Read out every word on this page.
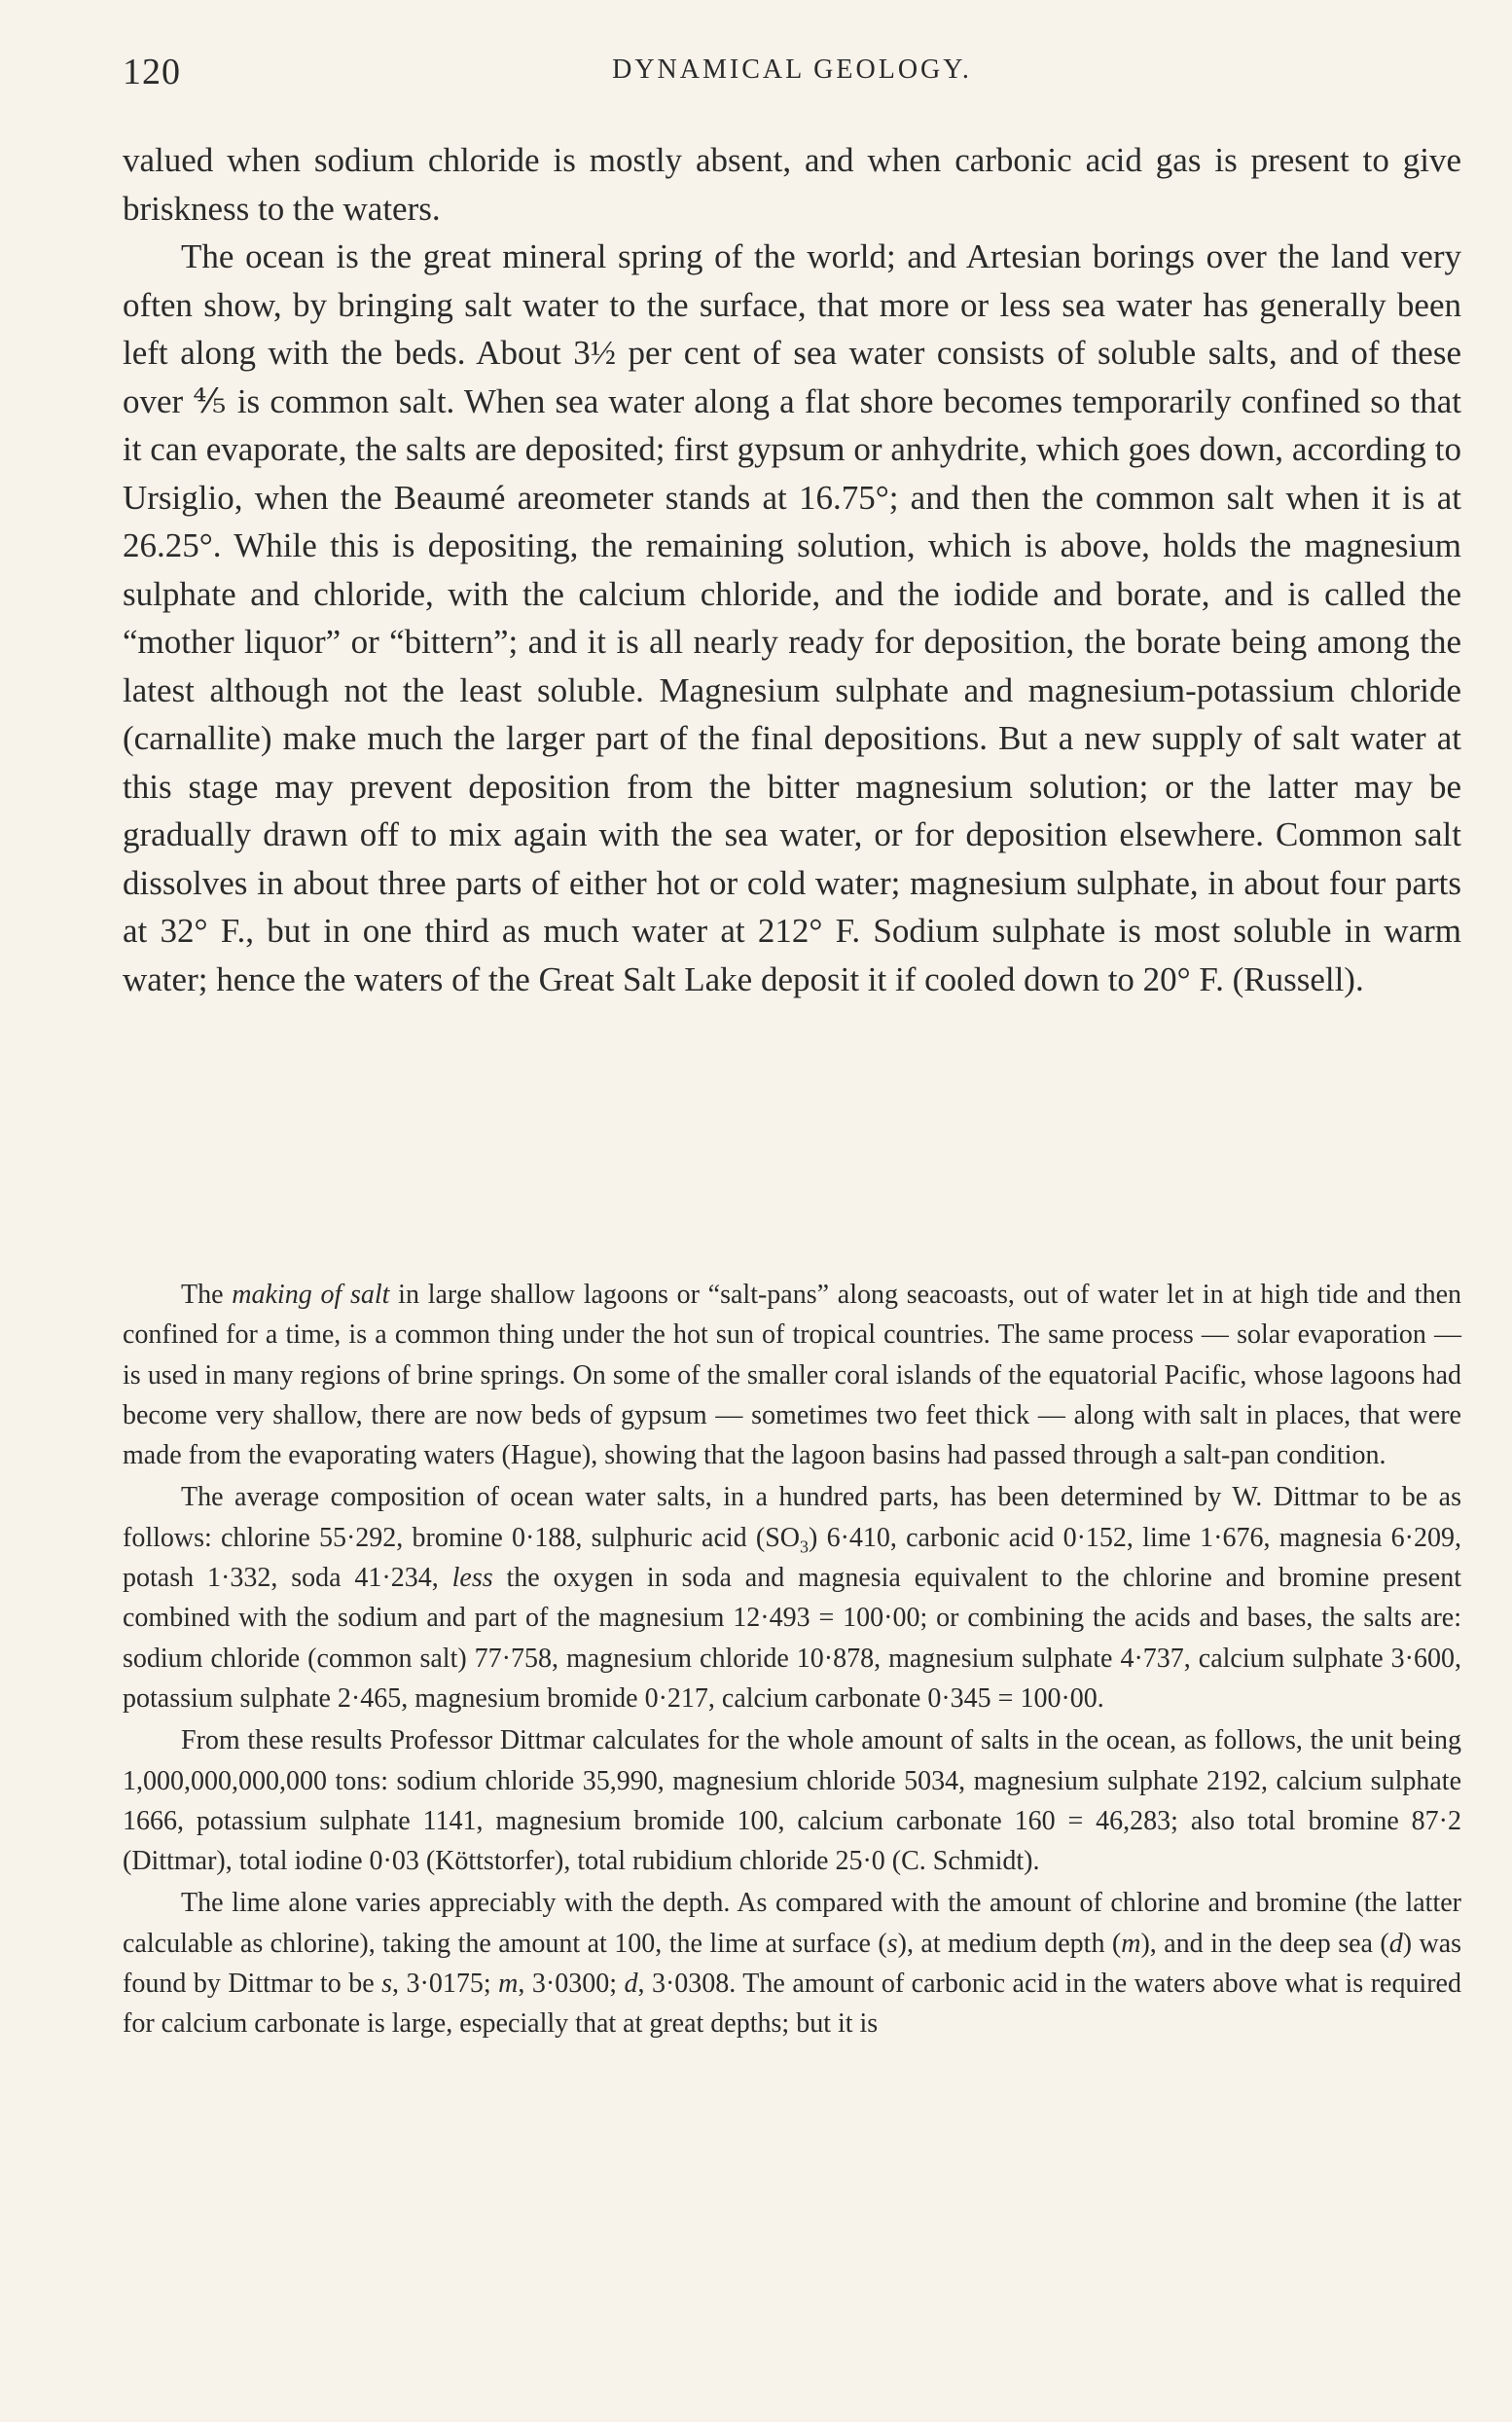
120	DYNAMICAL GEOLOGY.

valued when sodium chloride is mostly absent, and when carbonic acid gas is present to give briskness to the waters.

The ocean is the great mineral spring of the world; and Artesian borings over the land very often show, by bringing salt water to the surface, that more or less sea water has generally been left along with the beds. About 3½ per cent of sea water consists of soluble salts, and of these over ⅘ is common salt. When sea water along a flat shore becomes temporarily confined so that it can evaporate, the salts are deposited; first gypsum or anhydrite, which goes down, according to Ursiglio, when the Beaumé areometer stands at 16.75°; and then the common salt when it is at 26.25°. While this is depositing, the remaining solution, which is above, holds the magnesium sulphate and chloride, with the calcium chloride, and the iodide and borate, and is called the “mother liquor” or “bittern”; and it is all nearly ready for deposition, the borate being among the latest although not the least soluble. Magnesium sulphate and magnesium-potassium chloride (carnallite) make much the larger part of the final depositions. But a new supply of salt water at this stage may prevent deposition from the bitter magnesium solution; or the latter may be gradually drawn off to mix again with the sea water, or for deposition elsewhere. Common salt dissolves in about three parts of either hot or cold water; magnesium sulphate, in about four parts at 32° F., but in one third as much water at 212° F. Sodium sulphate is most soluble in warm water; hence the waters of the Great Salt Lake deposit it if cooled down to 20° F. (Russell).

The making of salt in large shallow lagoons or “salt-pans” along seacoasts, out of water let in at high tide and then confined for a time, is a common thing under the hot sun of tropical countries. The same process — solar evaporation — is used in many regions of brine springs. On some of the smaller coral islands of the equatorial Pacific, whose lagoons had become very shallow, there are now beds of gypsum — sometimes two feet thick — along with salt in places, that were made from the evaporating waters (Hague), showing that the lagoon basins had passed through a salt-pan condition.

The average composition of ocean water salts, in a hundred parts, has been determined by W. Dittmar to be as follows: chlorine 55·292, bromine 0·188, sulphuric acid $(SO_3)$ 6·410, carbonic acid 0·152, lime 1·676, magnesia 6·209, potash 1·332, soda 41·234, less the oxygen in soda and magnesia equivalent to the chlorine and bromine present combined with the sodium and part of the magnesium 12·493 = 100·00; or combining the acids and bases, the salts are: sodium chloride (common salt) 77·758, magnesium chloride 10·878, magnesium sulphate 4·737, calcium sulphate 3·600, potassium sulphate 2·465, magnesium bromide 0·217, calcium carbonate 0·345 = 100·00.

From these results Professor Dittmar calculates for the whole amount of salts in the ocean, as follows, the unit being 1,000,000,000,000 tons: sodium chloride 35,990, magnesium chloride 5034, magnesium sulphate 2192, calcium sulphate 1666, potassium sulphate 1141, magnesium bromide 100, calcium carbonate 160 = 46,283; also total bromine 87·2 (Dittmar), total iodine 0·03 (Köttstorfer), total rubidium chloride 25·0 (C. Schmidt).

The lime alone varies appreciably with the depth. As compared with the amount of chlorine and bromine (the latter calculable as chlorine), taking the amount at 100, the lime at surface (s), at medium depth (m), and in the deep sea (d) was found by Dittmar to be s, 3·0175; m, 3·0300; d, 3·0308. The amount of carbonic acid in the waters above what is required for calcium carbonate is large, especially that at great depths; but it is
